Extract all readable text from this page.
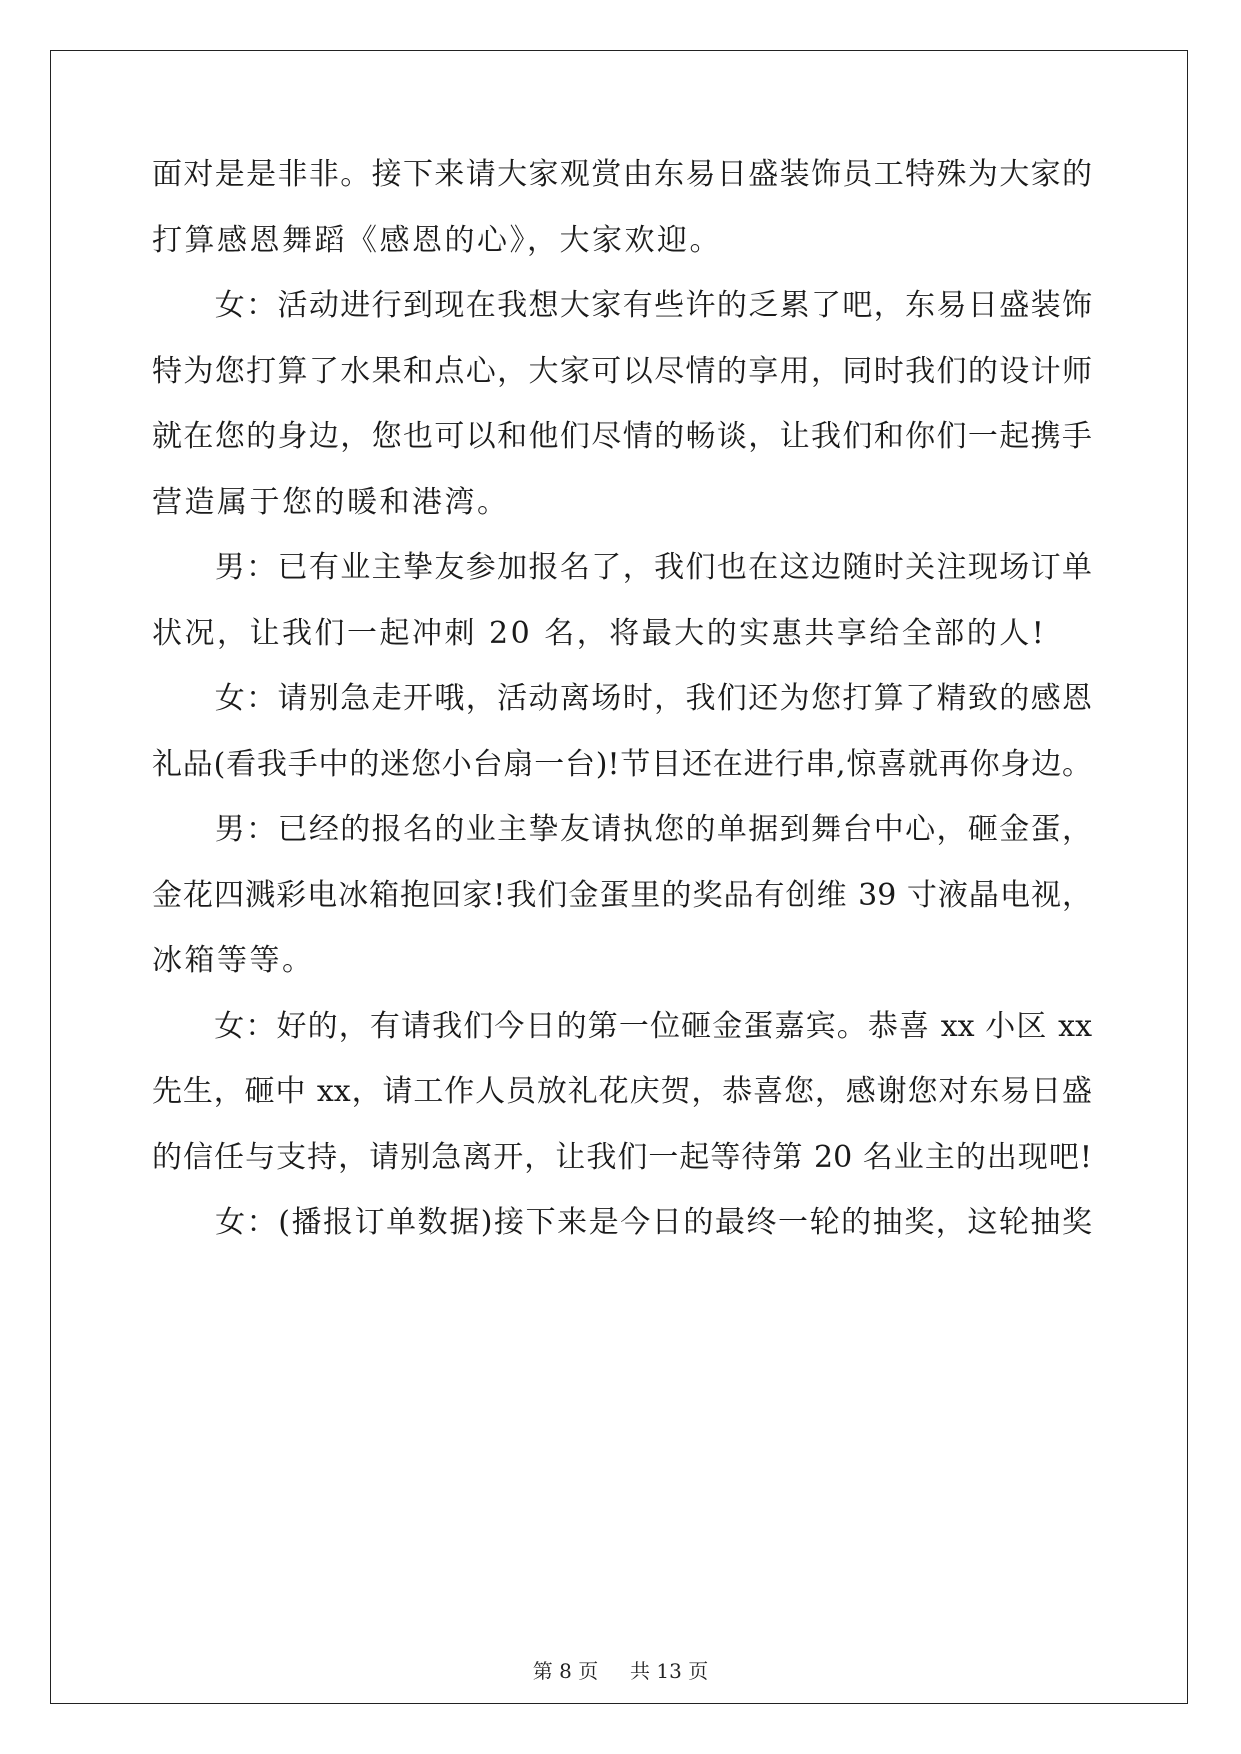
面对是是非非。接下来请大家观赏由东易日盛装饰员工特殊为大家的
打算感恩舞蹈《感恩的心》，大家欢迎。
　　女：活动进行到现在我想大家有些许的乏累了吧，东易日盛装饰
特为您打算了水果和点心，大家可以尽情的享用，同时我们的设计师
就在您的身边，您也可以和他们尽情的畅谈，让我们和你们一起携手
营造属于您的暖和港湾。
　　男：已有业主挚友参加报名了，我们也在这边随时关注现场订单
状况，让我们一起冲刺 20 名，将最大的实惠共享给全部的人!
　　女：请别急走开哦，活动离场时，我们还为您打算了精致的感恩
礼品(看我手中的迷您小台扇一台)!节目还在进行串,惊喜就再你身边。
　　男：已经的报名的业主挚友请执您的单据到舞台中心，砸金蛋，
金花四溅彩电冰箱抱回家!我们金蛋里的奖品有创维 39 寸液晶电视，
冰箱等等。
　　女：好的，有请我们今日的第一位砸金蛋嘉宾。恭喜 xx 小区 xx
先生，砸中 xx，请工作人员放礼花庆贺，恭喜您，感谢您对东易日盛
的信任与支持，请别急离开，让我们一起等待第 20 名业主的出现吧!
　　女：(播报订单数据)接下来是今日的最终一轮的抽奖，这轮抽奖
第 8 页 共 13 页
